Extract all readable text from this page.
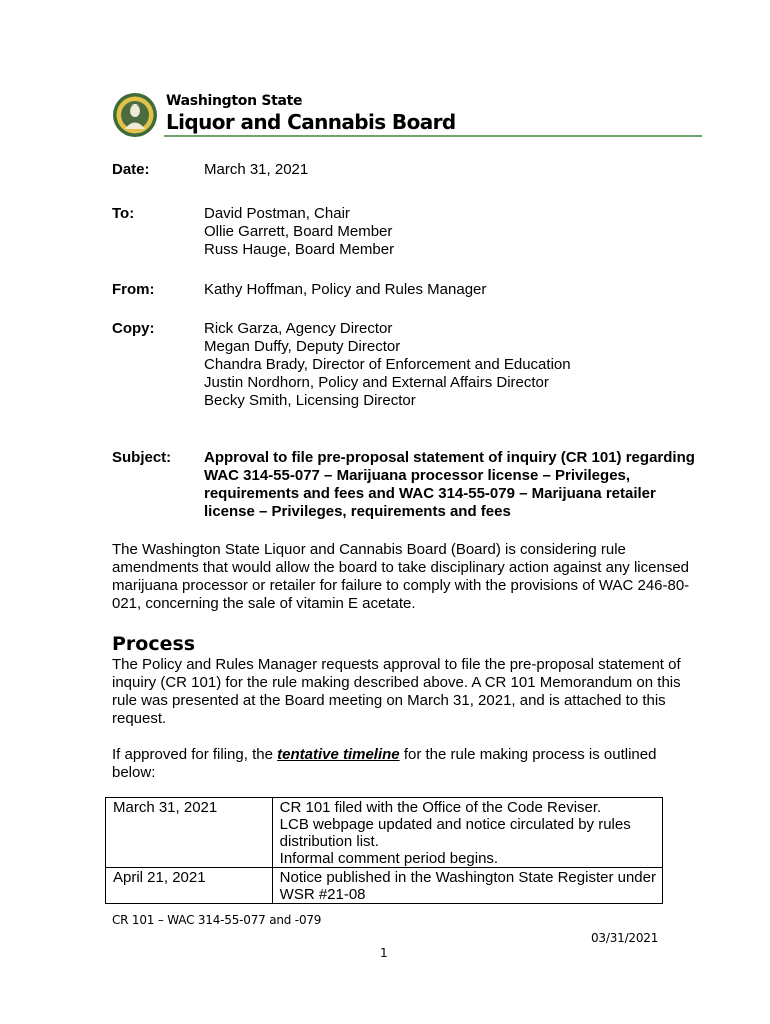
Washington State
Liquor and Cannabis Board
Date:	March 31, 2021
To:	David Postman, Chair
Ollie Garrett, Board Member
Russ Hauge, Board Member
From:	Kathy Hoffman, Policy and Rules Manager
Copy:	Rick Garza, Agency Director
Megan Duffy, Deputy Director
Chandra Brady, Director of Enforcement and Education
Justin Nordhorn, Policy and External Affairs Director
Becky Smith, Licensing Director
Subject:	Approval to file pre-proposal statement of inquiry (CR 101) regarding
WAC 314-55-077 – Marijuana processor license – Privileges,
requirements and fees and WAC 314-55-079 – Marijuana retailer
license – Privileges, requirements and fees
The Washington State Liquor and Cannabis Board (Board) is considering rule
amendments that would allow the board to take disciplinary action against any licensed
marijuana processor or retailer for failure to comply with the provisions of WAC 246-80-
021, concerning the sale of vitamin E acetate.
Process
The Policy and Rules Manager requests approval to file the pre-proposal statement of
inquiry (CR 101) for the rule making described above. A CR 101 Memorandum on this
rule was presented at the Board meeting on March 31, 2021, and is attached to this
request.
If approved for filing, the tentative timeline for the rule making process is outlined
below:
March 31, 2021	CR 101 filed with the Office of the Code Reviser.
LCB webpage updated and notice circulated by rules
distribution list.
Informal comment period begins.

April 21, 2021	Notice published in the Washington State Register under
WSR #21-08
CR 101 – WAC 314-55-077 and -079
03/31/2021
1
